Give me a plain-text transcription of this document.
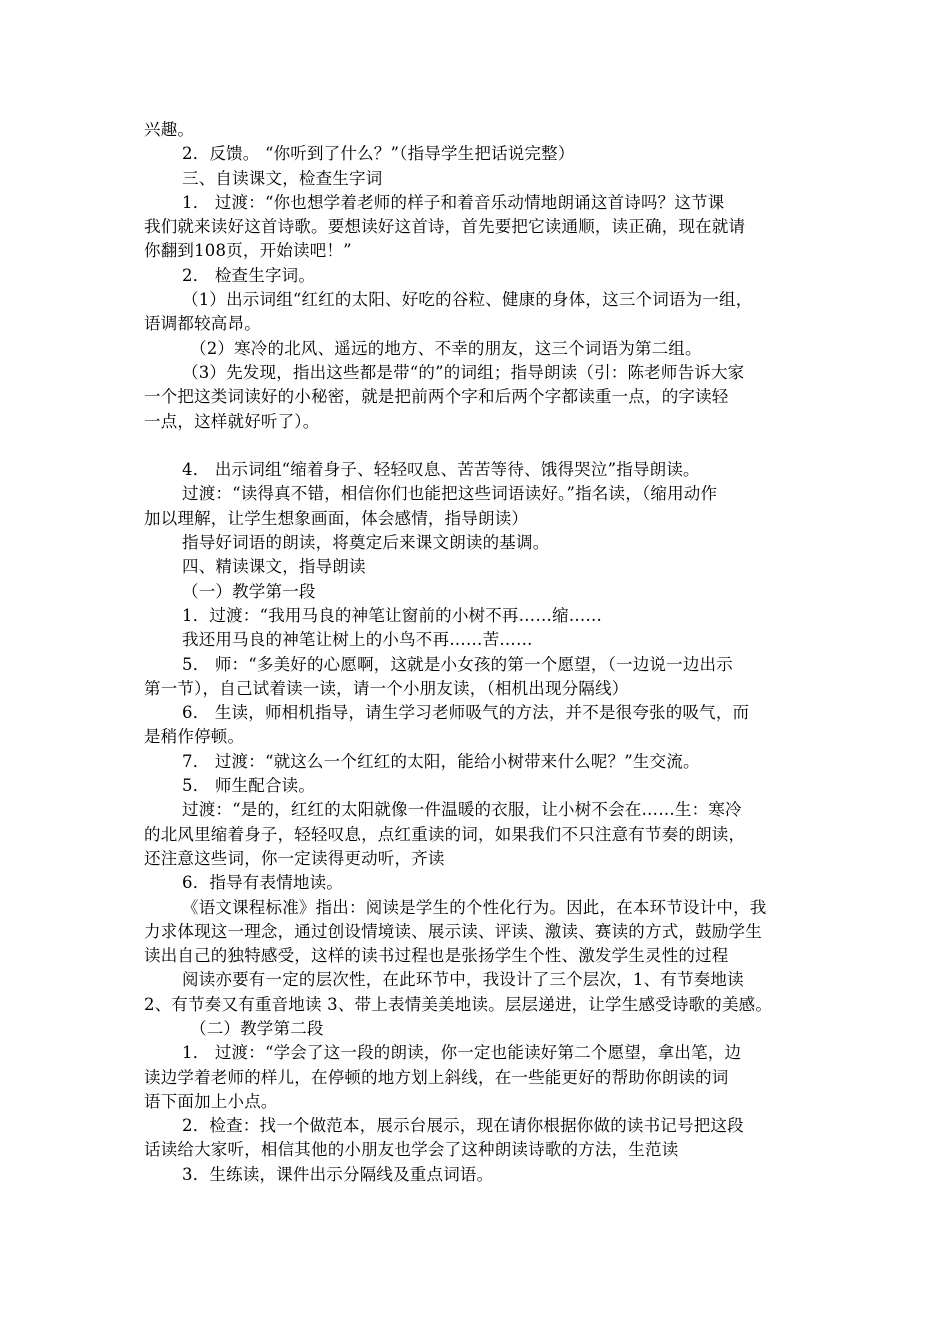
兴趣。
2．反馈。 “你听到了什么？”（指导学生把话说完整）
三、自读课文，检查生字词
1． 过渡：“你也想学着老师的样子和着音乐动情地朗诵这首诗吗？这节课
我们就来读好这首诗歌。要想读好这首诗，首先要把它读通顺，读正确，现在就请
你翻到108页，开始读吧！”
2． 检查生字词。
（1）出示词组“红红的太阳、好吃的谷粒、健康的身体，这三个词语为一组，
语调都较高昂。
（2）寒冷的北风、遥远的地方、不幸的朋友，这三个词语为第二组。
（3）先发现，指出这些都是带“的”的词组；指导朗读（引：陈老师告诉大家
一个把这类词读好的小秘密，就是把前两个字和后两个字都读重一点，的字读轻
一点，这样就好听了）。
4． 出示词组“缩着身子、轻轻叹息、苦苦等待、饿得哭泣”指导朗读。
过渡：“读得真不错，相信你们也能把这些词语读好。”指名读，（缩用动作
加以理解，让学生想象画面，体会感情，指导朗读）
指导好词语的朗读，将奠定后来课文朗读的基调。
四、精读课文，指导朗读
（一）教学第一段
1．过渡：“我用马良的神笔让窗前的小树不再……缩……
我还用马良的神笔让树上的小鸟不再……苦……
5． 师：“多美好的心愿啊，这就是小女孩的第一个愿望，（一边说一边出示
第一节），自己试着读一读，请一个小朋友读，（相机出现分隔线）
6． 生读，师相机指导，请生学习老师吸气的方法，并不是很夸张的吸气，而
是稍作停顿。
7． 过渡：“就这么一个红红的太阳，能给小树带来什么呢？”生交流。
5． 师生配合读。
过渡：“是的，红红的太阳就像一件温暖的衣服，让小树不会在……生：寒冷
的北风里缩着身子，轻轻叹息，点红重读的词，如果我们不只注意有节奏的朗读，
还注意这些词，你一定读得更动听，齐读
6．指导有表情地读。
《语文课程标准》指出：阅读是学生的个性化行为。因此，在本环节设计中，我
力求体现这一理念，通过创设情境读、展示读、评读、激读、赛读的方式，鼓励学生
读出自己的独特感受，这样的读书过程也是张扬学生个性、激发学生灵性的过程
阅读亦要有一定的层次性，在此环节中，我设计了三个层次，1、有节奏地读
2、有节奏又有重音地读 3、带上表情美美地读。层层递进，让学生感受诗歌的美感。
（二）教学第二段
1． 过渡：“学会了这一段的朗读，你一定也能读好第二个愿望，拿出笔，边
读边学着老师的样儿，在停顿的地方划上斜线，在一些能更好的帮助你朗读的词
语下面加上小点。
2．检查：找一个做范本，展示台展示，现在请你根据你做的读书记号把这段
话读给大家听，相信其他的小朋友也学会了这种朗读诗歌的方法，生范读
3．生练读，课件出示分隔线及重点词语。
